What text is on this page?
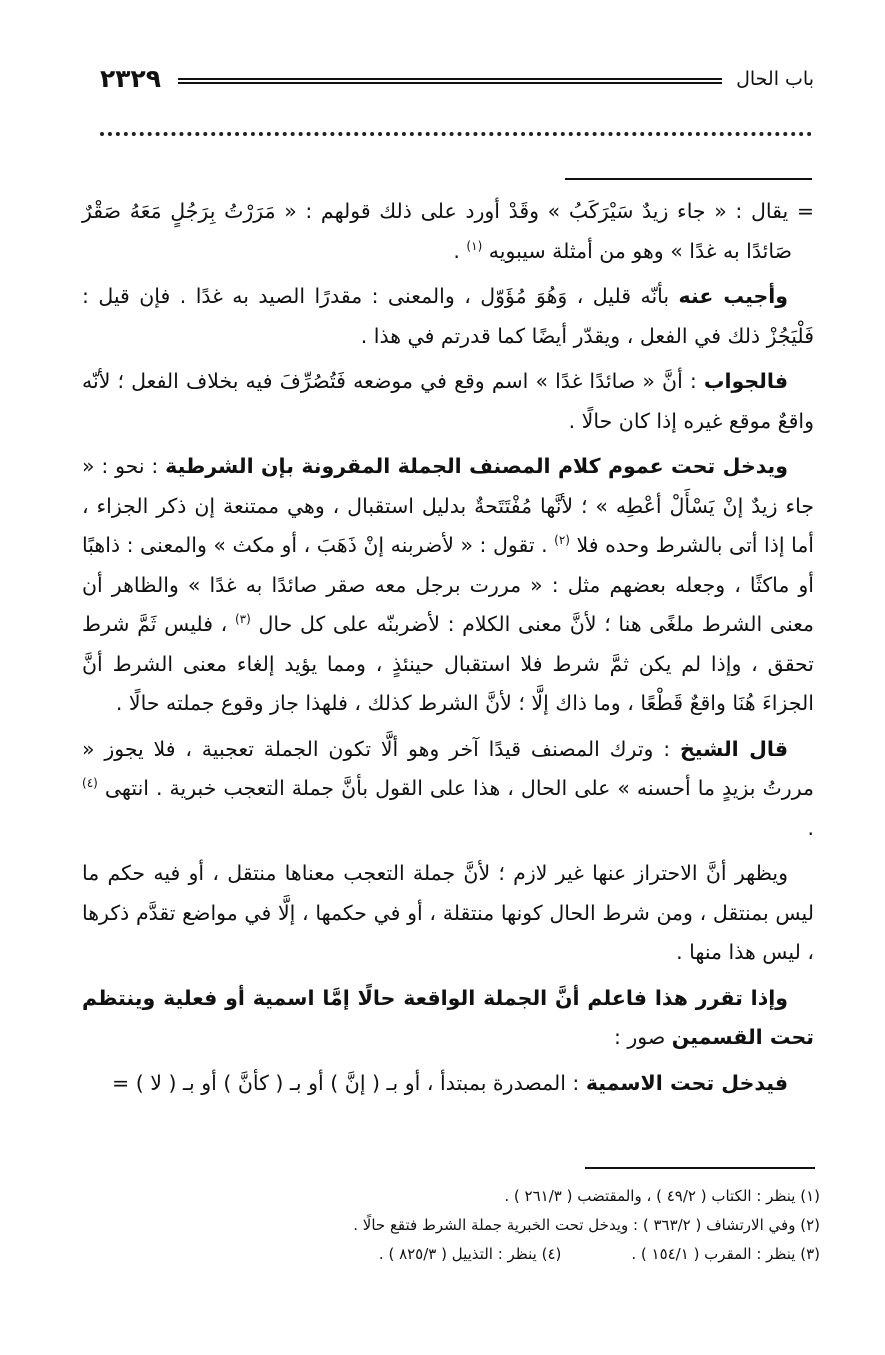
باب الحال
٢٣٢٩

= يقال : « جاء زيدٌ سَيْرَكَبُ » وقَدْ أورد على ذلك قولهم : « مَرَرْتُ بِرَجُلٍ مَعَهُ صَقْرٌ صَائدًا به غدًا » وهو من أمثلة سيبويه $^{(١)}$ .

وأجيب عنه بأنّه قليل ، وَهُوَ مُؤَوّل ، والمعنى : مقدرًا الصيد به غدًا . فإن قيل : فَلْيَجُزْ ذلك في الفعل ، ويقدّر أيضًا كما قدرتم في هذا .

فالجواب : أنَّ « صائدًا غدًا » اسم وقع في موضعه فَتُصُرِّفَ فيه بخلاف الفعل ؛ لأنّه واقعٌ موقع غيره إذا كان حالًا .

ويدخل تحت عموم كلام المصنف الجملة المقرونة بإن الشرطية : نحو : « جاء زيدٌ إنْ يَسْأَلْ أعْطِه » ؛ لأنَّها مُفْتَتَحةٌ بدليل استقبال ، وهي ممتنعة إن ذكر الجزاء ، أما إذا أتى بالشرط وحده فلا $^{(٢)}$ . تقول : « لأضربنه إنْ ذَهَبَ ، أو مكث » والمعنى : ذاهبًا أو ماكثًا ، وجعله بعضهم مثل : « مررت برجل معه صقر صائدًا به غدًا » والظاهر أن معنى الشرط ملغًى هنا ؛ لأنَّ معنى الكلام : لأضربنّه على كل حال $^{(٣)}$ ، فليس ثَمَّ شرط تحقق ، وإذا لم يكن ثمَّ شرط فلا استقبال حينئذٍ ، ومما يؤيد إلغاء معنى الشرط أنَّ الجزاءَ هُنَا واقعٌ قَطْعًا ، وما ذاك إلَّا ؛ لأنَّ الشرط كذلك ، فلهذا جاز وقوع جملته حالًا .

قال الشيخ : وترك المصنف قيدًا آخر وهو ألَّا تكون الجملة تعجبية ، فلا يجوز « مررتُ بزيدٍ ما أحسنه » على الحال ، هذا على القول بأنَّ جملة التعجب خبرية . انتهى $^{(٤)}$ .

ويظهر أنَّ الاحتراز عنها غير لازم ؛ لأنَّ جملة التعجب معناها منتقل ، أو فيه حكم ما ليس بمنتقل ، ومن شرط الحال كونها منتقلة ، أو في حكمها ، إلَّا في مواضع تقدَّم ذكرها ، ليس هذا منها .

وإذا تقرر هذا فاعلم أنَّ الجملة الواقعة حالًا إمَّا اسمية أو فعلية وينتظم تحت القسمين صور :

فيدخل تحت الاسمية : المصدرة بمبتدأ ، أو بـ ( إنَّ ) أو بـ ( كأنَّ ) أو بـ ( لا ) =

(١) ينظر : الكتاب ( ٤٩/٢ ) ، والمقتضب ( ٢٦١/٣ ) .
(٢) وفي الارتشاف ( ٣٦٣/٢ ) : ويدخل تحت الخبرية جملة الشرط فتقع حالًا .
(٣) ينظر : المقرب ( ١٥٤/١ ) .
(٤) ينظر : التذييل ( ٨٢٥/٣ ) .
